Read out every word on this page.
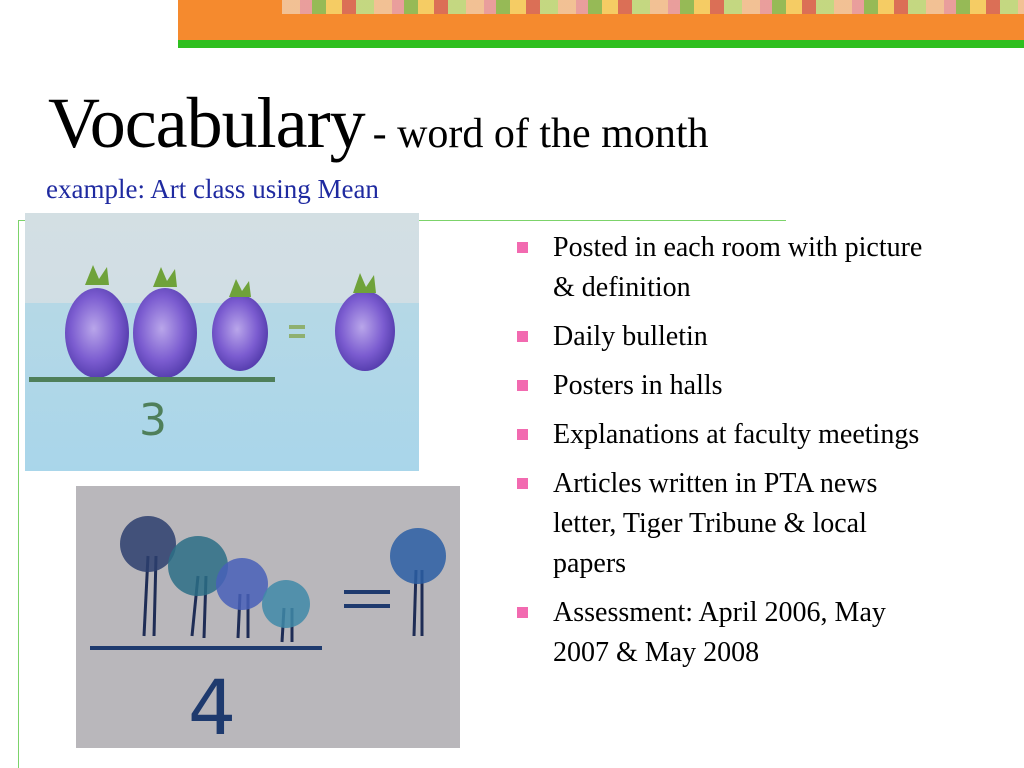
Vocabulary - word of the month
example: Art class using Mean
3
4
Posted in each room with picture & definition
Daily bulletin
Posters in halls
Explanations at faculty meetings
Articles written in PTA news letter, Tiger Tribune & local papers
Assessment: April 2006, May 2007 & May 2008
